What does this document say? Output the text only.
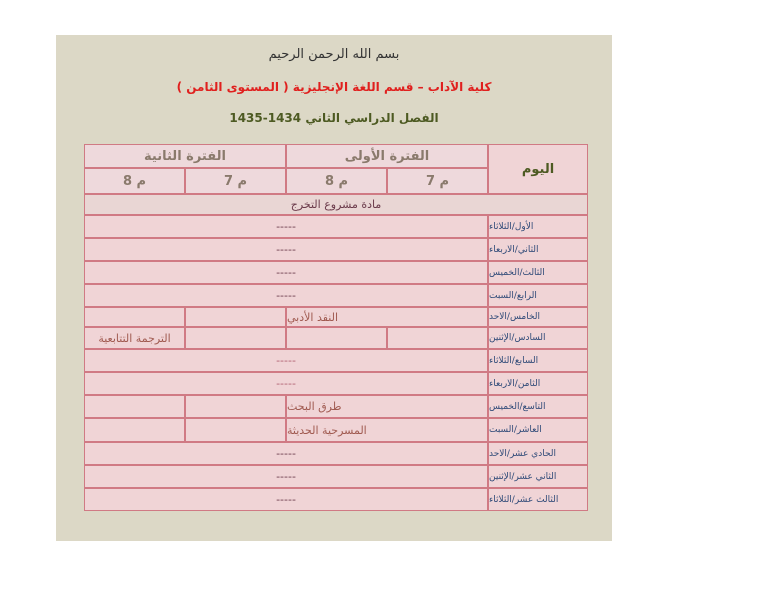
بسم الله الرحمن الرحيم
كلية الآداب – قسم اللغة الإنجليزية ( المستوى الثامن )
الفصل الدراسي الثاني 1434-1435
اليوم
الفترة الأولى
الفترة الثانية
م 7
م 8
م 7
م 8
مادة مشروع التخرج
الأول/الثلاثاء
-----
الثاني/الاربعاء
-----
الثالث/الخميس
-----
الرابع/السبت
-----
الخامس/الاحد
النقد الأدبي
السادس/الإثنين
الترجمة التتابعية
السابع/الثلاثاء
-----
الثامن/الاربعاء
-----
التاسع/الخميس
طرق البحث
العاشر/السبت
المسرحية الحديثة
الحادي عشر/الاحد
-----
الثاني عشر/الإثنين
-----
الثالث عشر/الثلاثاء
-----
